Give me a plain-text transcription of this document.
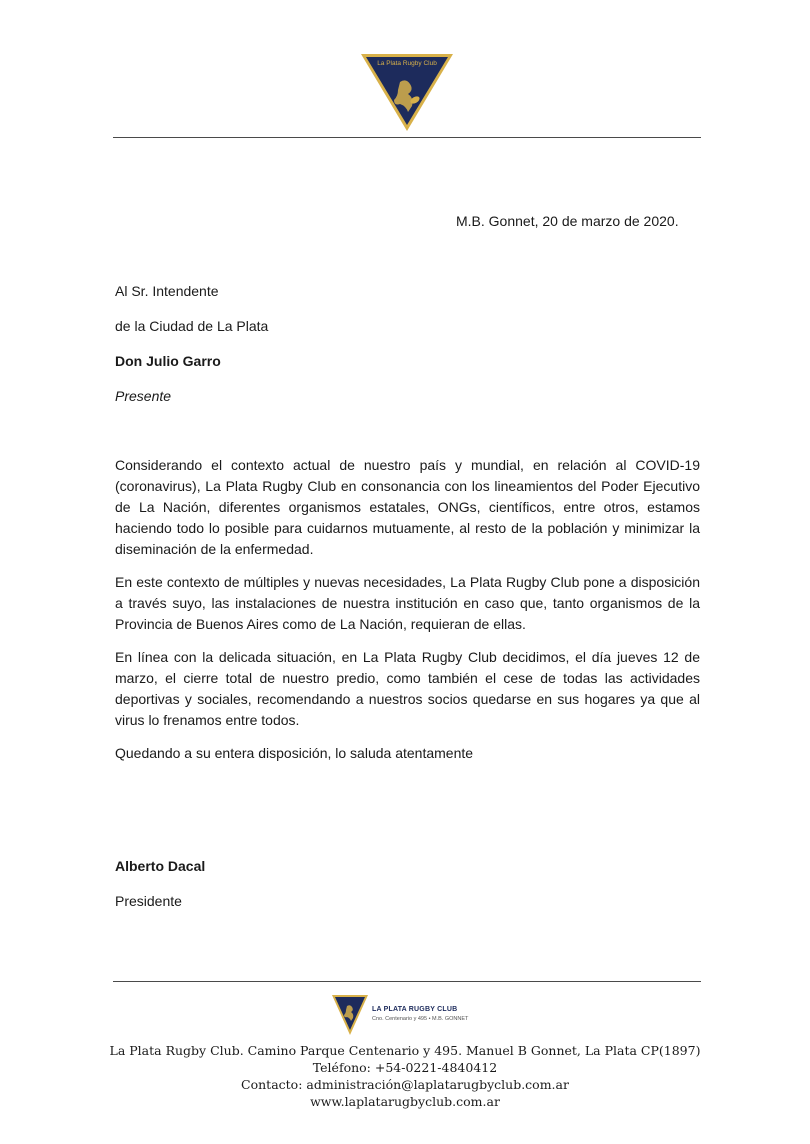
La Plata Rugby Club
M.B. Gonnet, 20 de marzo de 2020.
Al Sr. Intendente
de la Ciudad de La Plata
Don Julio Garro
Presente

Considerando el contexto actual de nuestro país y mundial, en relación al COVID-19 (coronavirus), La Plata Rugby Club en consonancia con los lineamientos del Poder Ejecutivo de La Nación, diferentes organismos estatales, ONGs, científicos, entre otros, estamos haciendo todo lo posible para cuidarnos mutuamente, al resto de la población y minimizar la diseminación de la enfermedad.

En este contexto de múltiples y nuevas necesidades, La Plata Rugby Club pone a disposición a través suyo, las instalaciones de nuestra institución en caso que, tanto organismos de la Provincia de Buenos Aires como de La Nación, requieran de ellas.

En línea con la delicada situación, en La Plata Rugby Club decidimos, el día jueves 12 de marzo, el cierre total de nuestro predio, como también el cese de todas las actividades deportivas y sociales, recomendando a nuestros socios quedarse en sus hogares ya que al virus lo frenamos entre todos.

Quedando a su entera disposición, lo saluda atentamente

Alberto Dacal
Presidente
LA PLATA RUGBY CLUB
Cno. Centenario y 495 • M.B. GONNET
La Plata Rugby Club. Camino Parque Centenario y 495. Manuel B Gonnet, La Plata CP(1897)
Teléfono: +54-0221-4840412
Contacto: administración@laplatarugbyclub.com.ar
www.laplatarugbyclub.com.ar
